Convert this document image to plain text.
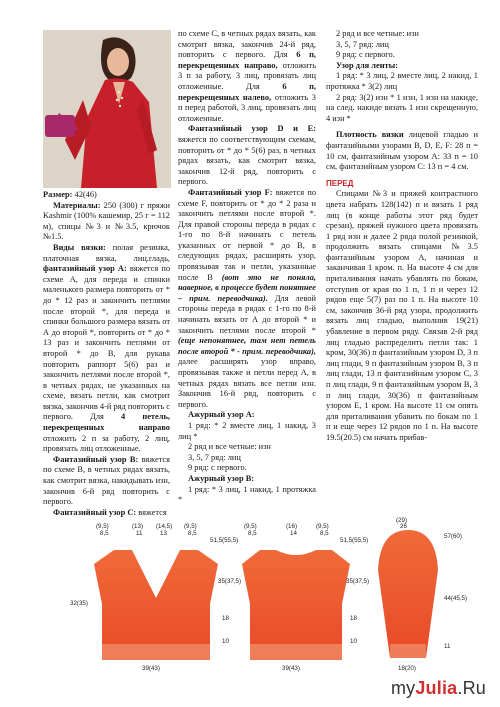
Размер: 42(46)

Материалы: 250 (300) г пряжи Kashmir (100% кашемир, 25 г = 112 м), спицы №3 и №3.5, крючок №1.5.

Виды вязки: полая резинка, платочная вязка, лиц.гладь, фантазийный узор А: вяжется по схеме А, для переда и спинки маленького размера повторить от * до * 12 раз и закончить петлями после второй *, для переда и спинки большого размера вязать от А до второй *, повторить от * до * 13 раз и закончить петлями от второй * до В, для рукава повторить раппорт 5(6) раз и закончить петлями после второй *, в четных рядах, не указанных на схеме, вязать петли, как смотрит вязка, закончив 4-й ряд повторить с первого. Для 4 петель, перекрещенных направо отложить 2 п за работу, 2 лиц, провязать лиц отложенные.

Фантазийный узор В: вяжется по схеме В, в четных рядах вязать, как смотрит вязка, накидывать изн, закончив 6-й ряд повторить с первого.

Фантазийный узор С: вяжется

по схеме С, в четных рядах вязать, как смотрит вязка, закончив 24-й ряд, повторить с первого. Для 6 п, перекрещенных направо, отложить 3 п за работу, 3 лиц, провязать лиц отложенные. Для	6 п, перекрещенных налево, отложить 3 п перед работой, 3 лиц, провязать лиц отложенные.

Фантазийный узор D и Е: вяжется по соответствующим схемам, повторить от * до * 5(6) раз, в четных рядах вязать, как смотрит вязка, закончив 12-й ряд, повторить с первого.

Фантазийный узор F: вяжется по схеме F, повторить от * до * 2 раза и закончить петлями после второй *. Для правой стороны переда в рядах с 1-го по 8-й начинать с петель указанных от первой * до В, в следующих рядах, расширять узор, провязывая так и петли, указанные после В (вот это не поняла, наверное, в процессе будет понятнее – прим. переводчика). Для левой стороны переда в рядах с 1-го по 8-й начинать вязать от А до второй * и закончить петлями после второй * (еще непонятнее, там нет петель после второй * - прим. переводчика), далее расширять узор вправо, провязывая также и петли перед А, в четных рядах вязать все петли изн. Закончив 16-й ряд, повторить с первого.

Ажурный узор А:

1 ряд: * 2 вместе лиц, 1 накид, 3 лиц *

2 ряд и все четные: изн

3, 5, 7 ряд: лиц

9 ряд: с первого.

Ажурный узор В:

1 ряд: * 3 лиц, 1 накид, 1 протяжка *

2 ряд и все четные: изн

3, 5, 7 ряд: лиц

9 ряд: с первого.

Узор для ленты:

1 ряд: * 3 лиц, 2 вместе лиц, 2 накид, 1 протяжка * 3(2) лиц

2 ряд: 3(2) изн * 1 изн, 1 изн на накиде, на след. накиде вязать 1 изн скрещенную, 4 изн *

Плотность вязки лицевой гладью и фантазийными узорами В, D, E, F: 28 п = 10 см, фантазийным узором А: 33 п = 10 см, фантазийным узором С: 13 п = 4 см.

ПЕРЕД

Спицами №3 и пряжей контрастного цвета набрать 128(142) п и вязать 1 ряд лиц (в конце работы этот ряд будет срезан), пряжей нужного цвета провязать 1 ряд изн и далее 2 ряда полой резинкой, продолжить вязать спицами №3.5 фантазийным узором А, начиная и заканчивая 1 кром. п. На высоте 4 см для приталивания начать убавлять по бокам, отступив от края по 1 п, 1 п и через 12 рядов еще 5(7) раз по 1 п. На высоте 10 см, закончив 36-й ряд узора, продолжить вязать лиц гладью, выполнив 19(21) убавление в первом ряду. Связав 2-й ряд лиц гладью распределить петли так: 1 кром, 30(36) п фантазийным узором D, 3 п лиц глади, 9 п фантазийным узором В, 3 п лиц глади, 13 п фантазийным узором С, 3 п лиц глади, 9 п фантазийным узором В, 3 п лиц глади, 30(36) п фантазийным узором Е, 1 кром. На высоте 11 см опять для приталивания убавить по бокам по 1 п и еще через 12 рядов по 1 п. На высоте 19.5(20.5) см начать прибав-

(9,5)
8,5
(13)
11
(14,5)
13
(9,5)
8,5
32(35)
51,5(55,5)
35(37,5)
18
10
39(43)
(9,5)
8,5
(16)
14
(9,5)
8,5
51,5(55,5)
35(37,5)
18
10
39(43)
(29)
26
57(60)
44(45,5)
11
18(20)
myJulia.Ru
